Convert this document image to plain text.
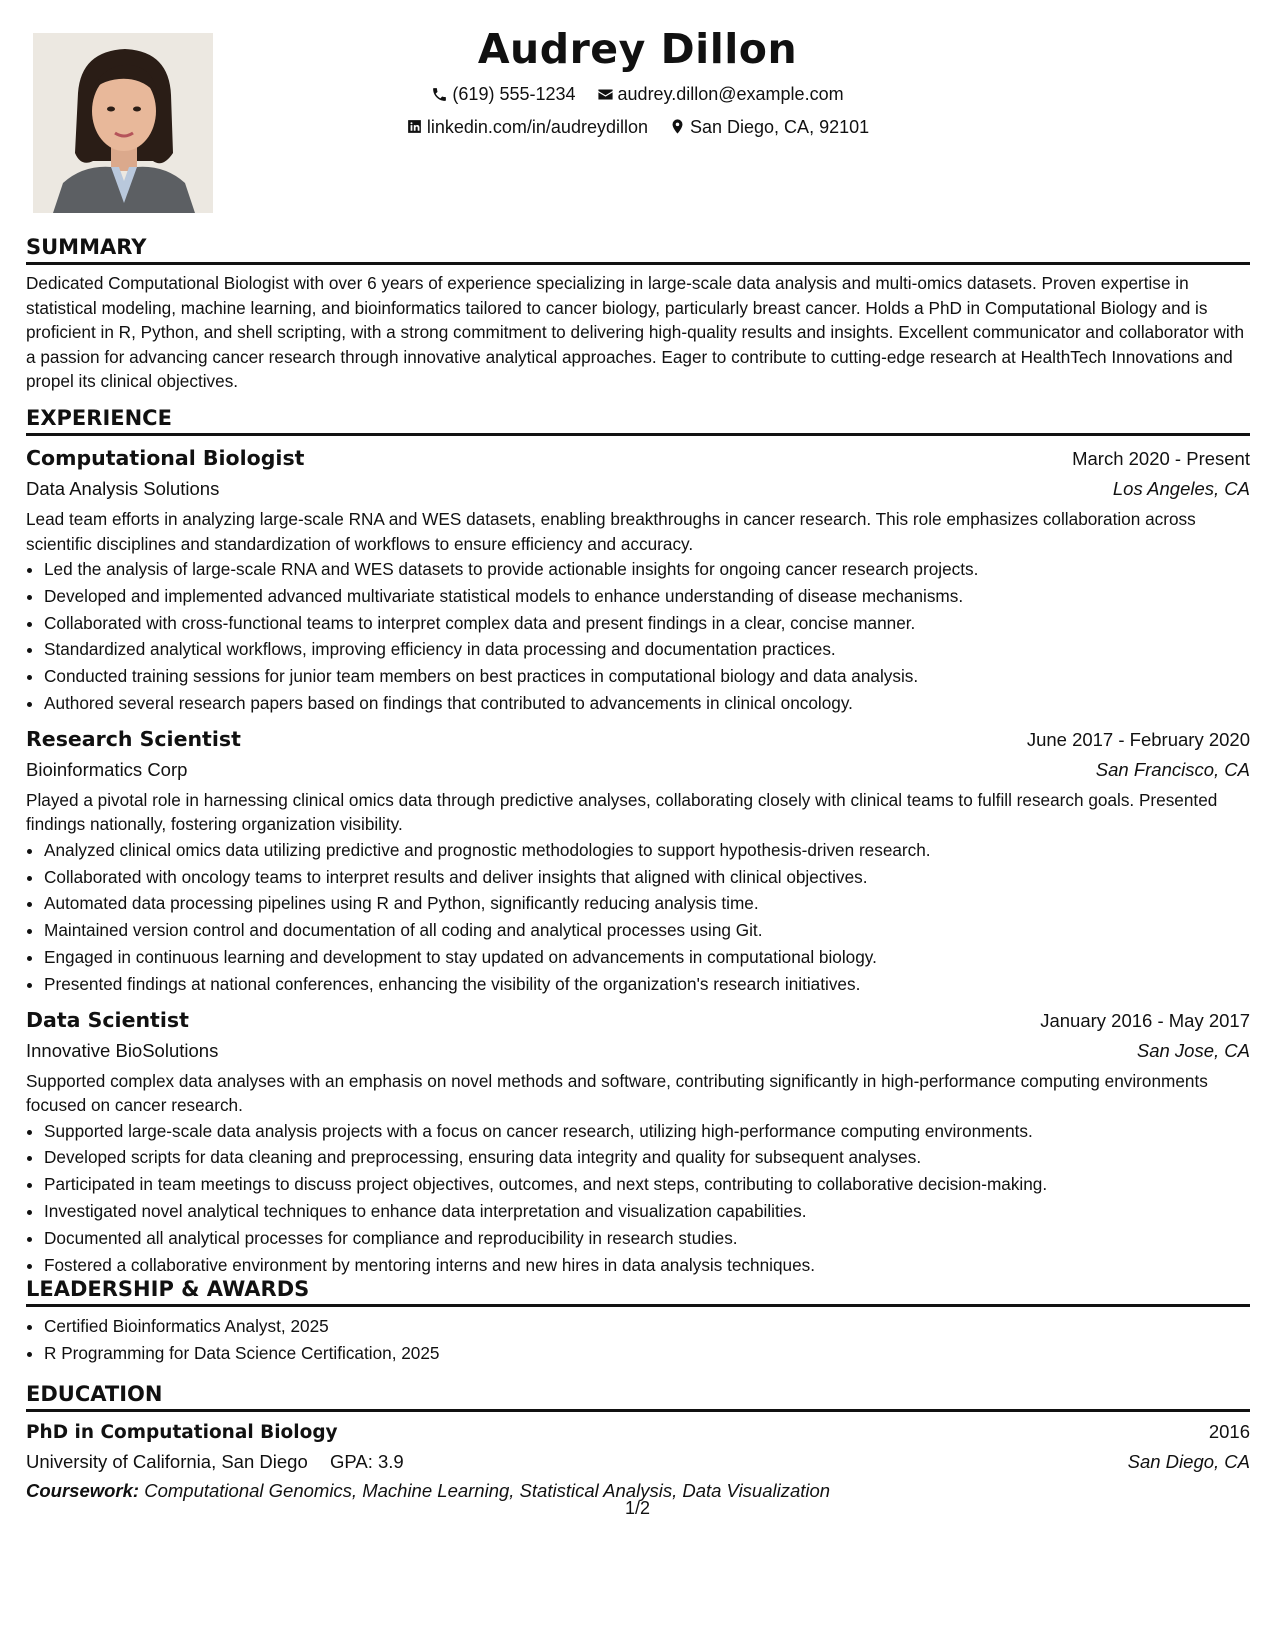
Audrey Dillon
(619) 555-1234
audrey.dillon@example.com
linkedin.com/in/audreydillon
San Diego, CA, 92101
SUMMARY

Dedicated Computational Biologist with over 6 years of experience specializing in large-scale data analysis and multi-omics datasets. Proven expertise in statistical modeling, machine learning, and bioinformatics tailored to cancer biology, particularly breast cancer. Holds a PhD in Computational Biology and is proficient in R, Python, and shell scripting, with a strong commitment to delivering high-quality results and insights. Excellent communicator and collaborator with a passion for advancing cancer research through innovative analytical approaches. Eager to contribute to cutting-edge research at HealthTech Innovations and propel its clinical objectives.

EXPERIENCE
Computational Biologist	March 2020 - Present
Data Analysis Solutions	Los Angeles, CA

Lead team efforts in analyzing large-scale RNA and WES datasets, enabling breakthroughs in cancer research. This role emphasizes collaboration across scientific disciplines and standardization of workflows to ensure efficiency and accuracy.

• Led the analysis of large-scale RNA and WES datasets to provide actionable insights for ongoing cancer research projects.
• Developed and implemented advanced multivariate statistical models to enhance understanding of disease mechanisms.
• Collaborated with cross-functional teams to interpret complex data and present findings in a clear, concise manner.
• Standardized analytical workflows, improving efficiency in data processing and documentation practices.
• Conducted training sessions for junior team members on best practices in computational biology and data analysis.
• Authored several research papers based on findings that contributed to advancements in clinical oncology.
Research Scientist	June 2017 - February 2020
Bioinformatics Corp	San Francisco, CA

Played a pivotal role in harnessing clinical omics data through predictive analyses, collaborating closely with clinical teams to fulfill research goals. Presented findings nationally, fostering organization visibility.

• Analyzed clinical omics data utilizing predictive and prognostic methodologies to support hypothesis-driven research.
• Collaborated with oncology teams to interpret results and deliver insights that aligned with clinical objectives.
• Automated data processing pipelines using R and Python, significantly reducing analysis time.
• Maintained version control and documentation of all coding and analytical processes using Git.
• Engaged in continuous learning and development to stay updated on advancements in computational biology.
• Presented findings at national conferences, enhancing the visibility of the organization's research initiatives.
Data Scientist	January 2016 - May 2017
Innovative BioSolutions	San Jose, CA

Supported complex data analyses with an emphasis on novel methods and software, contributing significantly in high-performance computing environments focused on cancer research.

• Supported large-scale data analysis projects with a focus on cancer research, utilizing high-performance computing environments.
• Developed scripts for data cleaning and preprocessing, ensuring data integrity and quality for subsequent analyses.
• Participated in team meetings to discuss project objectives, outcomes, and next steps, contributing to collaborative decision-making.
• Investigated novel analytical techniques to enhance data interpretation and visualization capabilities.
• Documented all analytical processes for compliance and reproducibility in research studies.
• Fostered a collaborative environment by mentoring interns and new hires in data analysis techniques.
LEADERSHIP & AWARDS
• Certified Bioinformatics Analyst, 2025
• R Programming for Data Science Certification, 2025
EDUCATION
PhD in Computational Biology	2016
University of California, San Diego GPA: 3.9	San Diego, CA
Coursework: Computational Genomics, Machine Learning, Statistical Analysis, Data Visualization
1/2
